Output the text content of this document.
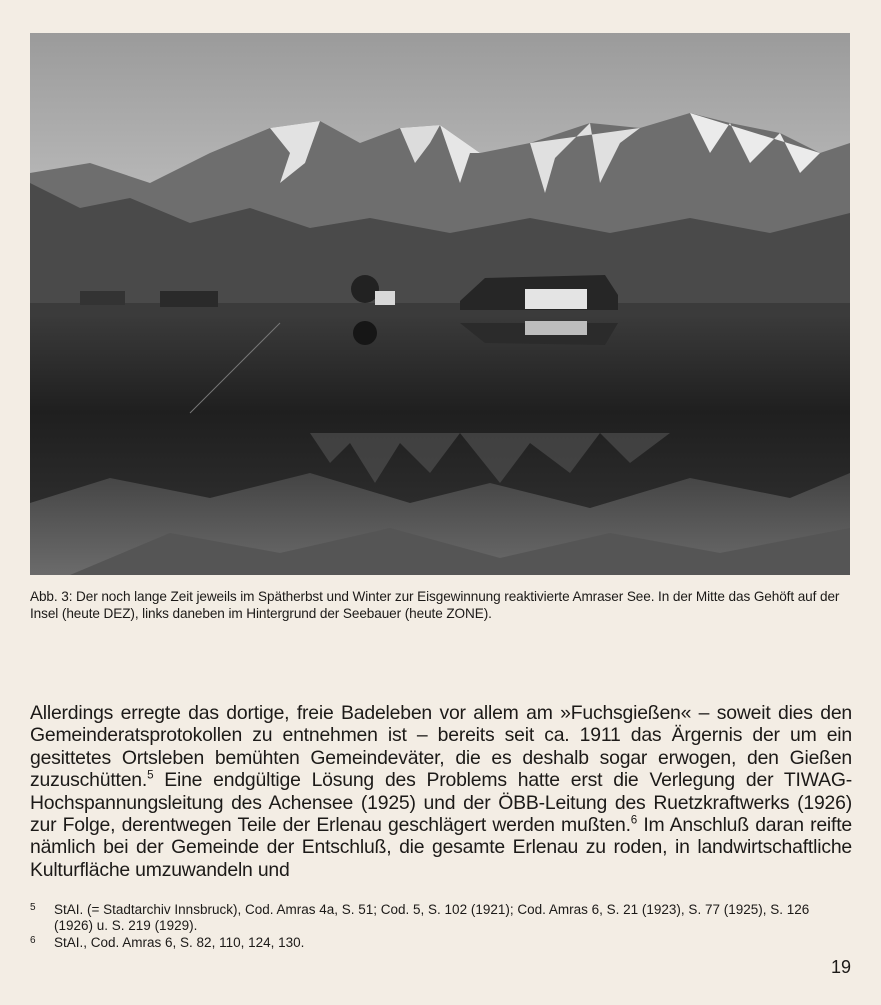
Abb. 3: Der noch lange Zeit jeweils im Spätherbst und Winter zur Eisgewinnung reaktivierte Amraser See. In der Mitte das Gehöft auf der Insel (heute DEZ), links daneben im Hintergrund der Seebauer (heute ZONE).
Allerdings erregte das dortige, freie Badeleben vor allem am »Fuchsgießen« – soweit dies den Gemeinderatsprotokollen zu entnehmen ist – bereits seit ca. 1911 das Ärgernis der um ein gesittetes Ortsleben bemühten Gemeindeväter, die es deshalb sogar erwogen, den Gießen zuzuschütten.$^5$ Eine endgültige Lösung des Problems hatte erst die Verlegung der TIWAG-Hochspannungsleitung des Achensee (1925) und der ÖBB-Leitung des Ruetzkraftwerks (1926) zur Folge, derentwegen Teile der Erlenau geschlägert werden mußten.$^6$ Im Anschluß daran reifte nämlich bei der Gemeinde der Entschluß, die gesamte Erlenau zu roden, in landwirtschaftliche Kulturfläche umzuwandeln und
5	StAI. (= Stadtarchiv Innsbruck), Cod. Amras 4a, S. 51; Cod. 5, S. 102 (1921); Cod. Amras 6, S. 21 (1923), S. 77 (1925), S. 126 (1926) u. S. 219 (1929).
6	StAI., Cod. Amras 6, S. 82, 110, 124, 130.
19
